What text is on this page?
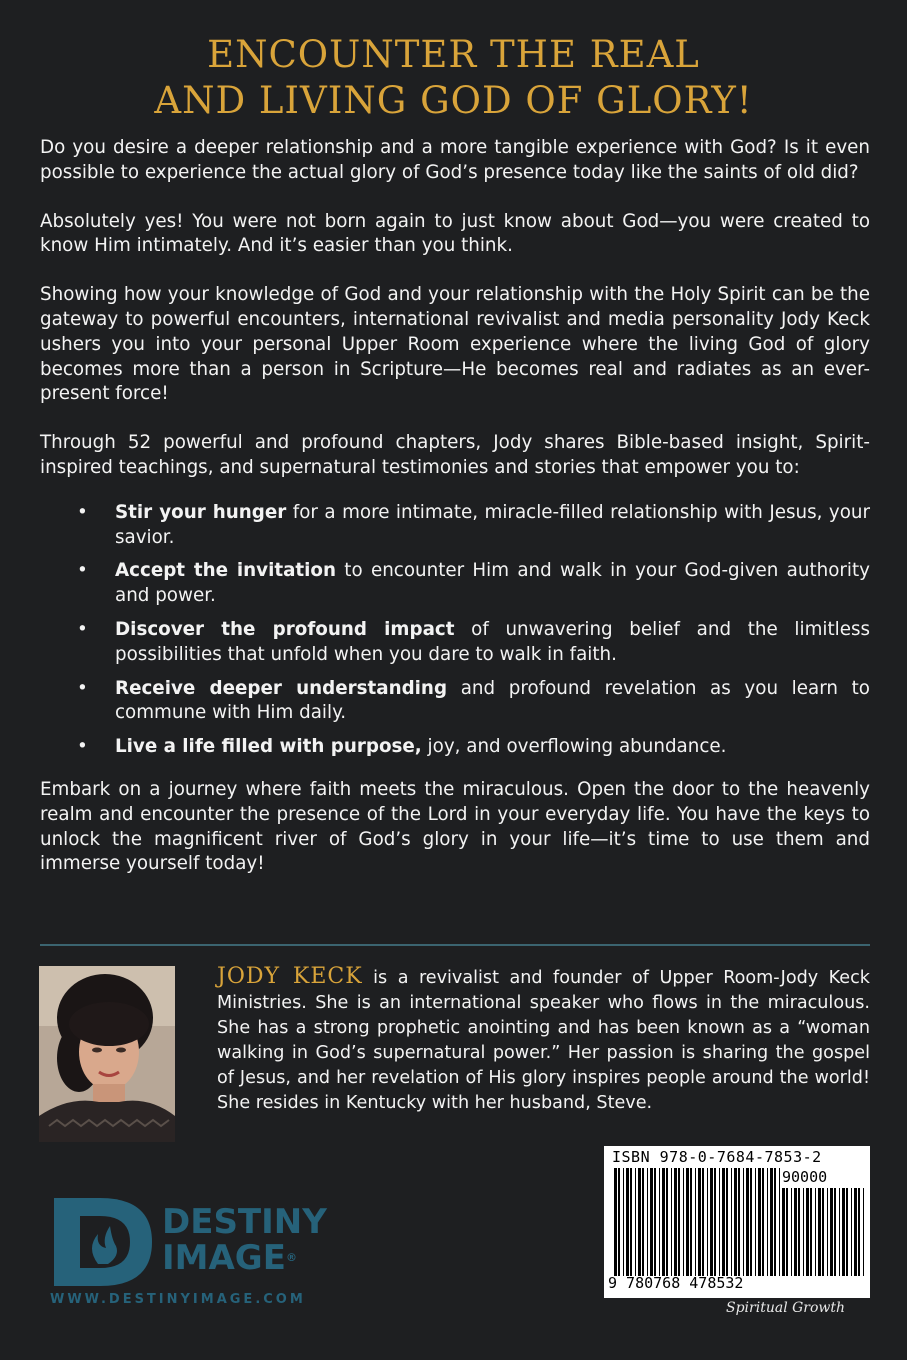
ENCOUNTER THE REAL
AND LIVING GOD OF GLORY!

Do you desire a deeper relationship and a more tangible experience with God? Is it even possible to experience the actual glory of God’s presence today like the saints of old did?

Absolutely yes! You were not born again to just know about God—you were created to know Him intimately. And it’s easier than you think.

Showing how your knowledge of God and your relationship with the Holy Spirit can be the gateway to powerful encounters, international revivalist and media personality Jody Keck ushers you into your personal Upper Room experience where the living God of glory becomes more than a person in Scripture—He becomes real and radiates as an ever-present force!

Through 52 powerful and profound chapters, Jody shares Bible-based insight, Spirit-inspired teachings, and supernatural testimonies and stories that empower you to:

• Stir your hunger for a more intimate, miracle-filled relationship with Jesus, your savior.
• Accept the invitation to encounter Him and walk in your God-given authority and power.
• Discover the profound impact of unwavering belief and the limitless possibilities that unfold when you dare to walk in faith.
• Receive deeper understanding and profound revelation as you learn to commune with Him daily.
• Live a life filled with purpose, joy, and overflowing abundance.

Embark on a journey where faith meets the miraculous. Open the door to the heavenly realm and encounter the presence of the Lord in your everyday life. You have the keys to unlock the magnificent river of God’s glory in your life—it’s time to use them and immerse yourself today!

JODY KECK is a revivalist and founder of Upper Room-Jody Keck Ministries. She is an international speaker who flows in the miraculous. She has a strong prophetic anointing and has been known as a “woman walking in God’s supernatural power.” Her passion is sharing the gospel of Jesus, and her revelation of His glory inspires people around the world! She resides in Kentucky with her husband, Steve.
DESTINY
IMAGE®
WWW.DESTINYIMAGE.COM
ISBN 978-0-7684-7853-2
90000
9 780768 478532
Spiritual Growth
